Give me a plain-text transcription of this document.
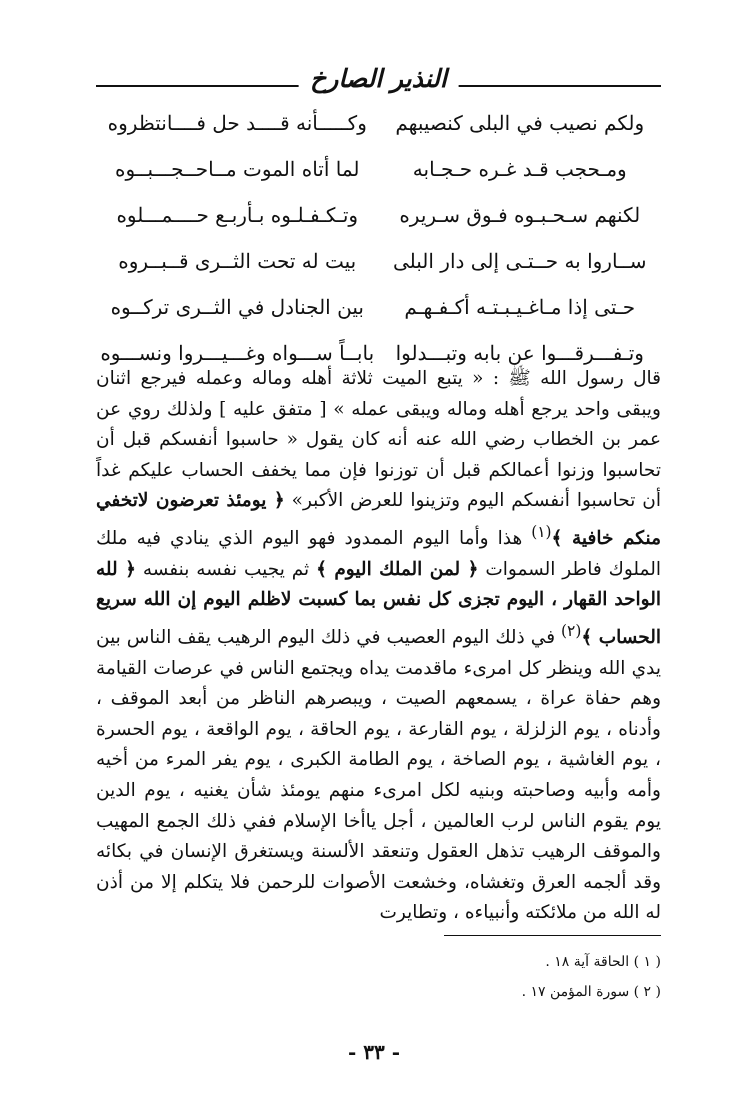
النذير الصارخ
ولكم نصيب في البلى كنصيبهم
وكـــــأنه قــــد حل فــــانتظروه
ومـحجب قـد غـره حـجـابه
لما أتاه الموت مــاحــجـــبــوه
لكنهم سـحـبـوه فـوق سـريره
وتـكـفـلـوه بـأربـع حــــمـــلوه
ســاروا به حــتـى إلى دار البلى
بيت له تحت الثــرى قــبــروه
حـتى إذا مـاغـيـبـتـه أكـفـهـم
بين الجنادل في الثــرى تركــوه
وتـفـــرقـــوا عن بابه وتبـــدلوا
بابــاً ســـواه وغـــيـــروا ونســـوه

قال رسول الله ﷺ : « يتبع الميت ثلاثة أهله وماله وعمله فيرجع اثنان ويبقى واحد يرجع أهله وماله ويبقى عمله » [ متفق عليه ] ولذلك روي عن عمر بن الخطاب رضي الله عنه أنه كان يقول « حاسبوا أنفسكم قبل أن تحاسبوا وزنوا أعمالكم قبل أن توزنوا فإن مما يخفف الحساب عليكم غداً أن تحاسبوا أنفسكم اليوم وتزينوا للعرض الأكبر» ﴿ يومئذ تعرضون لاتخفي منكم خافية ﴾$^{(١)}$ هذا وأما اليوم الممدود فهو اليوم الذي ينادي فيه ملك الملوك فاطر السموات ﴿ لمن الملك اليوم ﴾ ثم يجيب نفسه بنفسه ﴿ لله الواحد القهار ، اليوم تجزى كل نفس بما كسبت لاظلم اليوم إن الله سريع الحساب ﴾$^{(٢)}$ في ذلك اليوم العصيب في ذلك اليوم الرهيب يقف الناس بين يدي الله وينظر كل امرىء ماقدمت يداه ويجتمع الناس في عرصات القيامة وهم حفاة عراة ، يسمعهم الصيت ، ويبصرهم الناظر من أبعد الموقف ، وأدناه ، يوم الزلزلة ، يوم القارعة ، يوم الحاقة ، يوم الواقعة ، يوم الحسرة ، يوم الغاشية ، يوم الصاخة ، يوم الطامة الكبرى ، يوم يفر المرء من أخيه وأمه وأبيه وصاحبته وبنيه لكل امرىء منهم يومئذ شأن يغنيه ، يوم الدين يوم يقوم الناس لرب العالمين ، أجل ياأخا الإسلام ففي ذلك الجمع المهيب والموقف الرهيب تذهل العقول وتنعقد الألسنة ويستغرق الإنسان في بكائه وقد ألجمه العرق وتغشاه، وخشعت الأصوات للرحمن فلا يتكلم إلا من أذن له الله من ملائكته وأنبياءه ، وتطايرت

( ١ ) الحاقة آية ١٨ .
( ٢ ) سورة المؤمن ١٧ .
- ٣٣ -
